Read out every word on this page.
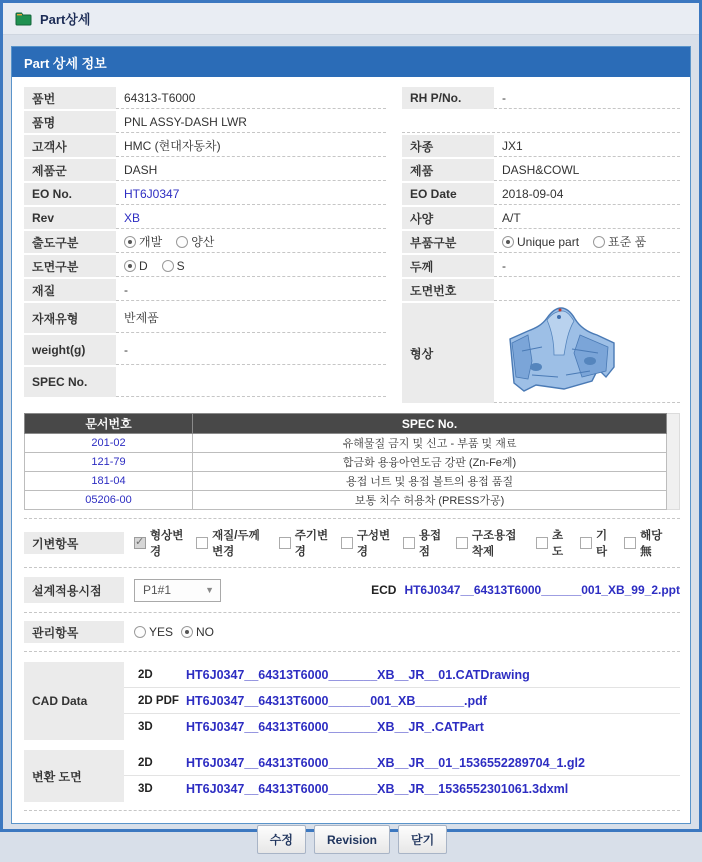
Part상세
Part 상세 정보
품번	64313-T6000
품명	PNL ASSY-DASH LWR
고객사	HMC (현대자동차)
제품군	DASH
EO No.	HT6J0347
Rev	XB
출도구분	개발 양산
도면구분	D S
재질	-
자재유형	반제품
weight(g)	-
SPEC No.
RH P/No.	-
차종	JX1
제품	DASH&COWL
EO Date	2018-09-04
사양	A/T
부품구분	Unique part 표준 품
두께	-
도면번호
형상
문서번호	SPEC No.
201-02	유해물질 금지 및 신고 - 부품 및 재료
121-79	합금화 용융아연도금 강판 (Zn-Fe계)
181-04	용접 너트 및 용접 볼트의 용접 품질
05206-00	보통 치수 허용차 (PRESS가공)
기변항목
✓
형상변경
재질/두께변경
주기변경
구성변경
용접점
구조용접착제
초도
기타
해당 無
설계적용시점	P1#1	▼	ECD HT6J0347__64313T6000______001_XB_99_2.ppt
관리항목	YES NO
CAD Data
2D	HT6J0347__64313T6000_______XB__JR__01.CATDrawing
2D PDF HT6J0347__64313T6000______001_XB_______.pdf
3D	HT6J0347__64313T6000_______XB__JR_.CATPart
변환 도면
2D	HT6J0347__64313T6000_______XB__JR__01_1536552289704_1.gl2
3D	HT6J0347__64313T6000_______XB__JR__1536552301061.3dxml
수정	Revision	닫기
